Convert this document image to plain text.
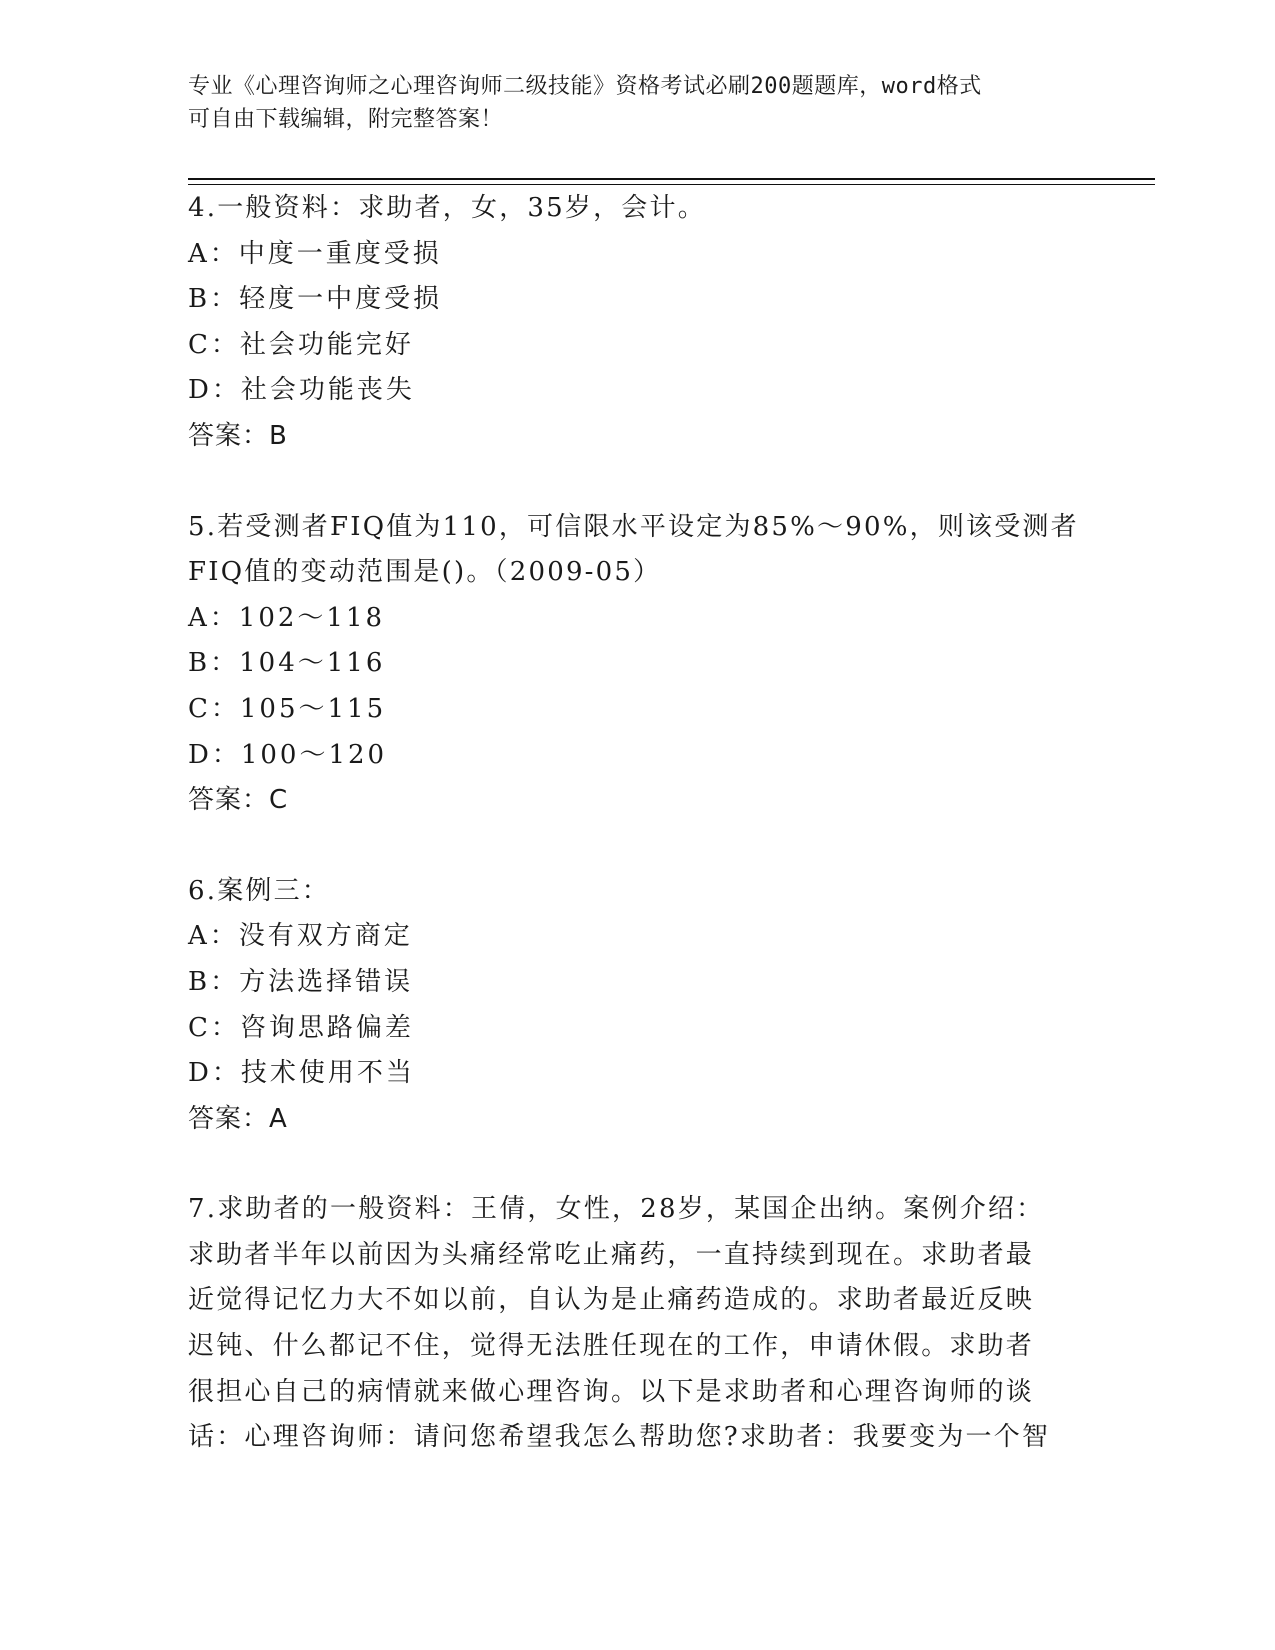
专业《心理咨询师之心理咨询师二级技能》资格考试必刷200题题库，word格式
可自由下载编辑，附完整答案！
4.一般资料：求助者，女，35岁，会计。
A：中度一重度受损
B：轻度一中度受损
C：社会功能完好
D：社会功能丧失
答案：B
5.若受测者FIQ值为110，可信限水平设定为85%～90%，则该受测者
FIQ值的变动范围是()。（2009-05）
A：102～118
B：104～116
C：105～115
D：100～120
答案：C
6.案例三：
A：没有双方商定
B：方法选择错误
C：咨询思路偏差
D：技术使用不当
答案：A
7.求助者的一般资料：王倩，女性，28岁，某国企出纳。案例介绍：
求助者半年以前因为头痛经常吃止痛药，一直持续到现在。求助者最
近觉得记忆力大不如以前，自认为是止痛药造成的。求助者最近反映
迟钝、什么都记不住，觉得无法胜任现在的工作，申请休假。求助者
很担心自己的病情就来做心理咨询。以下是求助者和心理咨询师的谈
话：心理咨询师：请问您希望我怎么帮助您?求助者：我要变为一个智
